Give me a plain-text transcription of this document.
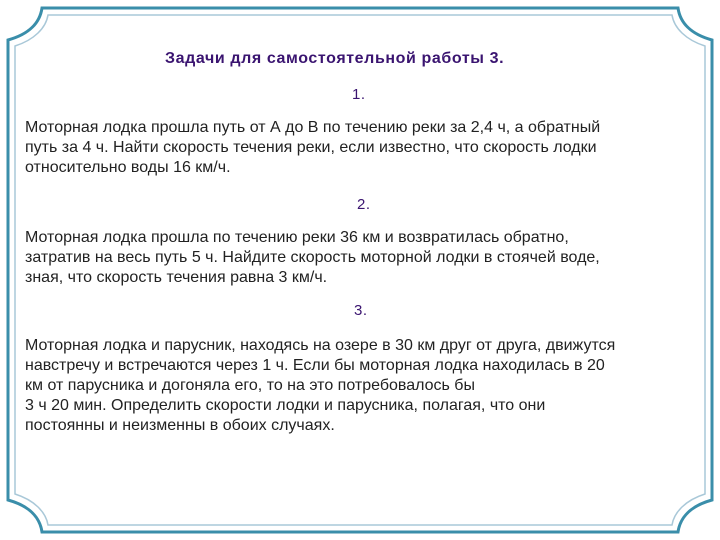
Задачи для самостоятельной работы 3.
1.
Моторная лодка прошла путь от А до В по течению реки за 2,4 ч, а обратный
путь за 4 ч. Найти скорость течения реки, если известно, что скорость лодки
относительно воды 16 км/ч.
2.
Моторная лодка прошла по течению реки 36 км и возвратилась обратно,
затратив на весь путь 5 ч. Найдите скорость моторной лодки в стоячей воде,
зная, что скорость течения равна 3 км/ч.
3.
Моторная лодка и парусник, находясь на озере в 30 км друг от друга, движутся
навстречу и встречаются через 1 ч. Если бы моторная лодка находилась в 20
км от парусника и догоняла его, то на это потребовалось бы
3 ч 20 мин. Определить скорости лодки и парусника, полагая, что они
постоянны и неизменны в обоих случаях.
